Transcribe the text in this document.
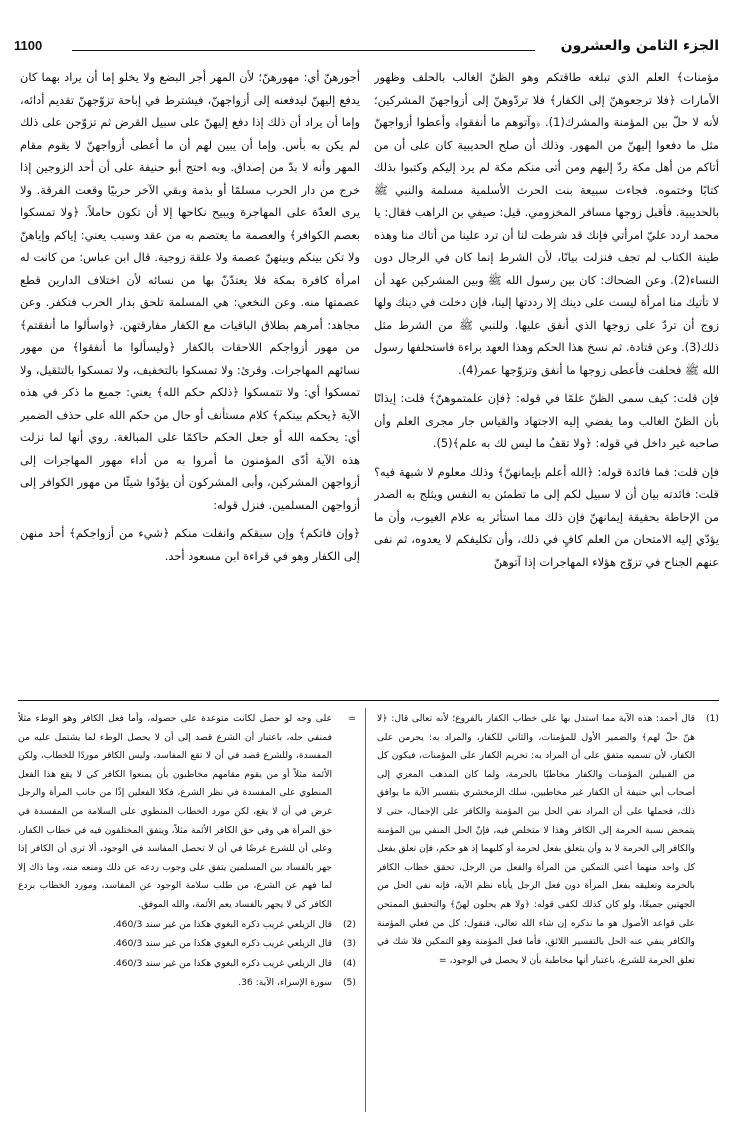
الجزء الثامن والعشرون
1100

مؤمنات﴾ العلم الذي تبلغه طاقتكم وهو الظنّ الغالب بالحلف وظهور الأمارات ﴿فلا ترجعوهنّ إلى الكفار﴾ فلا تردّوهنّ إلى أزواجهنّ المشركين؛ لأنه لا حلّ بين المؤمنة والمشرك(1). ﴿وآتوهم ما أنفقوا﴾ وأعطوا أزواجهنّ مثل ما دفعوا إليهنّ من المهور. وذلك أن صلح الحديبية كان على أن من أتاكم من أهل مكة ردّ إليهم ومن أتى منكم مكة لم يرد إليكم وكتبوا بذلك كتابًا وختموه. فجاءت سبيعة بنت الحرث الأسلمية مسلمة والنبي ﷺ بالحديبية. فأقبل زوجها مسافر المخزومي. قيل: صيفي بن الراهب فقال: يا محمد اردد عليّ امرأتي فإنك قد شرطت لنا أن ترد علينا من أتاك منا وهذه طينة الكتاب لم تجف فنزلت بيانًا، لأن الشرط إنما كان في الرجال دون النساء(2). وعن الضحاك: كان بين رسول الله ﷺ وبين المشركين عهد أن لا تأتيك منا امرأة ليست على دينك إلا رددتها إلينا، فإن دخلت في دينك ولها زوج أن تردّ على زوجها الذي أنفق عليها. وللنبي ﷺ من الشرط مثل ذلك(3). وعن قتادة. ثم نسخ هذا الحكم وهذا العهد براءة فاستحلفها رسول الله ﷺ فحلفت فأعطى زوجها ما أنفق وتزوّجها عمر(4).

فإن قلت: كيف سمى الظنّ علمًا في قوله: ﴿فإن علمتموهنّ﴾ قلت: إيذانًا بأن الظنّ الغالب وما يفضي إليه الاجتهاد والقياس جار مجرى العلم وأن صاحبه غير داخل في قوله: ﴿ولا تقفُ ما ليس لك به علم﴾(5).

فإن قلت: فما فائدة قوله: ﴿الله أعلم بإيمانهنّ﴾ وذلك معلوم لا شبهة فيه؟ قلت: فائدته بيان أن لا سبيل لكم إلى ما تطمئن به النفس ويثلج به الصدر من الإحاطة بحقيقة إيمانهنّ فإن ذلك مما استأثر به علام الغيوب، وأن ما يؤدّي إليه الامتحان من العلم كافٍ في ذلك، وأن تكليفكم لا يعدوه، ثم نفى عنهم الجناح في تزوّج هؤلاء المهاجرات إذا آتوهنّ

أجورهنّ أي: مهورهنّ؛ لأن المهر أجر البضع ولا يخلو إما أن يراد بهما كان يدفع إليهنّ ليدفعنه إلى أزواجهنّ، فيشترط في إباحة تزوّجهنّ تقديم أدائه، وإما أن يراد أن ذلك إذا دفع إليهنّ على سبيل القرض ثم تزوّجن على ذلك لم يكن به بأس. وإما أن يبين لهم أن ما أعطى أزواجهنّ لا يقوم مقام المهر وأنه لا بدّ من إصداق. وبه احتج أبو حنيفة على أن أحد الزوجين إذا خرج من دار الحرب مسلمًا أو بذمة وبقي الآخر حربيًا وقعت الفرقة. ولا يرى العدّة على المهاجرة ويبيح نكاحها إلا أن تكون حاملاً. ﴿ولا تمسكوا بعصم الكوافر﴾ والعصمة ما يعتصم به من عقد وسبب يعني: إياكم وإياهنّ ولا تكن بينكم وبينهنّ عصمة ولا علقة زوجية. قال ابن عباس: من كانت له امرأة كافرة بمكة فلا يعتدّنّ بها من نسائه لأن اختلاف الدارين قطع عصمتها منه. وعن النخعي: هي المسلمة تلحق بدار الحرب فتكفر. وعن مجاهد: أمرهم بطلاق الباقيات مع الكفار مفارقتهن. ﴿واسألوا ما أنفقتم﴾ من مهور أزواجكم اللاحقات بالكفار ﴿وليسألوا ما أنفقوا﴾ من مهور نسائهم المهاجرات. وقرئ: ولا تمسكوا بالتخفيف، ولا تمسكوا بالتثقيل، ولا تمسكوا أي: ولا تتمسكوا ﴿ذلكم حكم الله﴾ يعني: جميع ما ذكر في هذه الآية ﴿يحكم بينكم﴾ كلام مستأنف أو حال من حكم الله على حذف الضمير أي: يحكمه الله أو جعل الحكم حاكمًا على المبالغة. روي أنها لما نزلت هذه الآية أدّى المؤمنون ما أمروا به من أداء مهور المهاجرات إلى أزواجهن المشركين، وأبى المشركون أن يؤدّوا شيئًا من مهور الكوافر إلى أزواجهن المسلمين. فنزل قوله:

﴿وإن فاتكم﴾ وإن سبقكم وانفلت منكم ﴿شيء من أزواجكم﴾ أحد منهن إلى الكفار وهو في قراءة ابن مسعود أحد.

(1)
قال أحمد: هذه الآية مما استدل بها على خطاب الكفار بالفروع؛ لأنه تعالى قال: ﴿لا هنّ حلّ لهم﴾ والضمير الأول للمؤمنات، والثاني للكفار، والمراد به: يحرمن على الكفار، لأن تسميه متفق على أن المراد به: تحريم الكفار على المؤمنات، فيكون كل من القبيلين المؤمنات والكفار مخاطبًا بالحرمة، ولما كان المذهب المعزي إلى أصحاب أبي حنيفة أن الكفار غير مخاطبين، سلك الزمخشري بتفسير الآية ما يوافق ذلك، فحملها على أن المراد نفي الحل بين المؤمنة والكافر على الإجمال، حتى لا يتمحض نسبة الحرمة إلى الكافر وهذا لا متخلص فيه، فإنّ الحل المنفي بين المؤمنة والكافر إلى الحرمة لا بد وأن يتعلق بفعل لحرمة أو كليهما إذ هو حكم، فإن تعلق بفعل كل واحد منهما أعني التمكين من المرأة والفعل من الرجل، تحقق خطاب الكافر بالحرمة وتعليقه بفعل المرأة دون فعل الرجل يأباه نظم الآية، فإنه نفى الحل من الجهتين جميعًا، ولو كان كذلك لكفى قوله: ﴿ولا هم يحلون لهنّ﴾ والتحقيق الممتحن على قواعد الأصول هو ما نذكره إن شاء الله تعالى، فنقول: كل من فعلي المؤمنة والكافر ينفي عنه الحل بالتفسير اللائق، فأما فعل المؤمنة وهو التمكين فلا شك في تعلق الحرمة للشرع، باعتبار أنها مخاطبة بأن لا يحصل في الوجود، =
=
على وجه لو حصل لكانت متوعدة على حصوله، وأما فعل الكافر وهو الوطء مثلاً فمنفي حله، باعتبار أن الشرع قصد إلى أن لا يحصل الوطء لما يشتمل عليه من المفسدة، وللشرع قصد في أن لا تقع المفاسد، وليس الكافر موردًا للخطاب، ولكن الأئمة مثلاً أو من يقوم مقامهم مخاطبون بأن يمنعوا الكافر كي لا يقع هذا الفعل المنطوي على المفسدة في نظر الشرع، فكلا الفعلين إذًا من جانب المرأة والرجل غرض في أن لا يقع، لكن مورد الخطاب المنطوي على السلامة من المفسدة في حق المرأة هي وفي حق الكافر الأئمة مثلاً، ويتفق المختلفون فيه في خطاب الكفار، وعلى أن للشرع غرضًا في أن لا تحصل المفاسد في الوجود، ألا ترى أن الكافر إذا جهر بالفساد بين المسلمين يتفق على وجوب ردعه عن ذلك ومنعه منه، وما ذاك إلا لما فهم عن الشرع، من طلب سلامة الوجود عن المفاسد، ومورد الخطاب بردع الكافر كي لا يجهر بالفساد يعم الأئمة، والله الموفق.
(2)
قال الزيلعي غريب ذكره البغوي هكذا من غير سند 460/3.
(3)
قال الزيلعي غريب ذكره البغوي هكذا من غير سند 460/3.
(4)
قال الزيلعي غريب ذكره البغوي هكذا من غير سند 460/3.
(5)
سورة الإسراء، الآية: 36.
